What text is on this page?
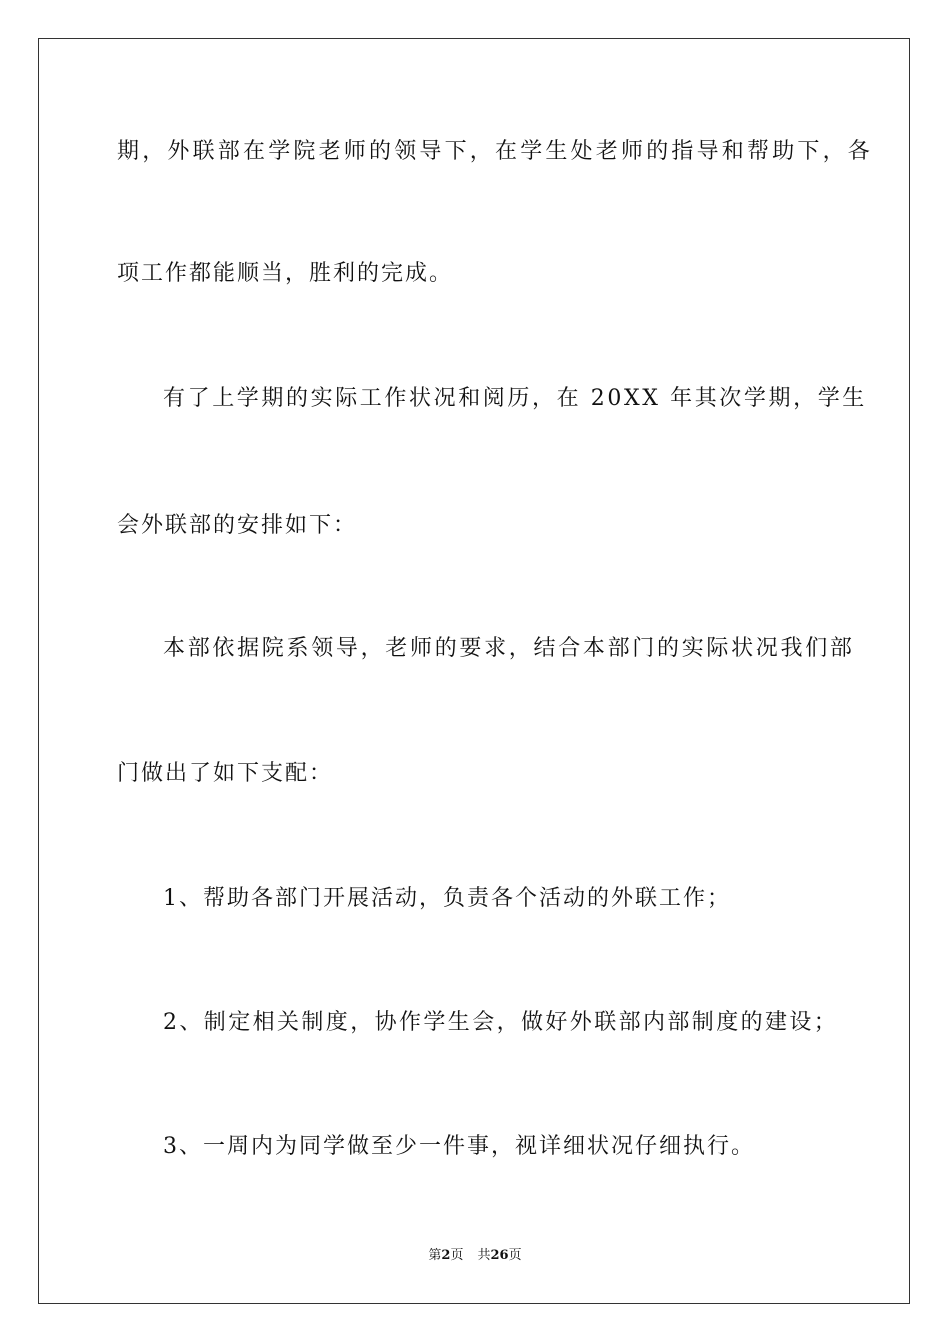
期，外联部在学院老师的领导下，在学生处老师的指导和帮助下，各
项工作都能顺当，胜利的完成。
有了上学期的实际工作状况和阅历，在 20XX 年其次学期，学生
会外联部的安排如下：
本部依据院系领导，老师的要求，结合本部门的实际状况我们部
门做出了如下支配：
1、帮助各部门开展活动，负责各个活动的外联工作；
2、制定相关制度，协作学生会，做好外联部内部制度的建设；
3、一周内为同学做至少一件事，视详细状况仔细执行。
第2页 共26页
